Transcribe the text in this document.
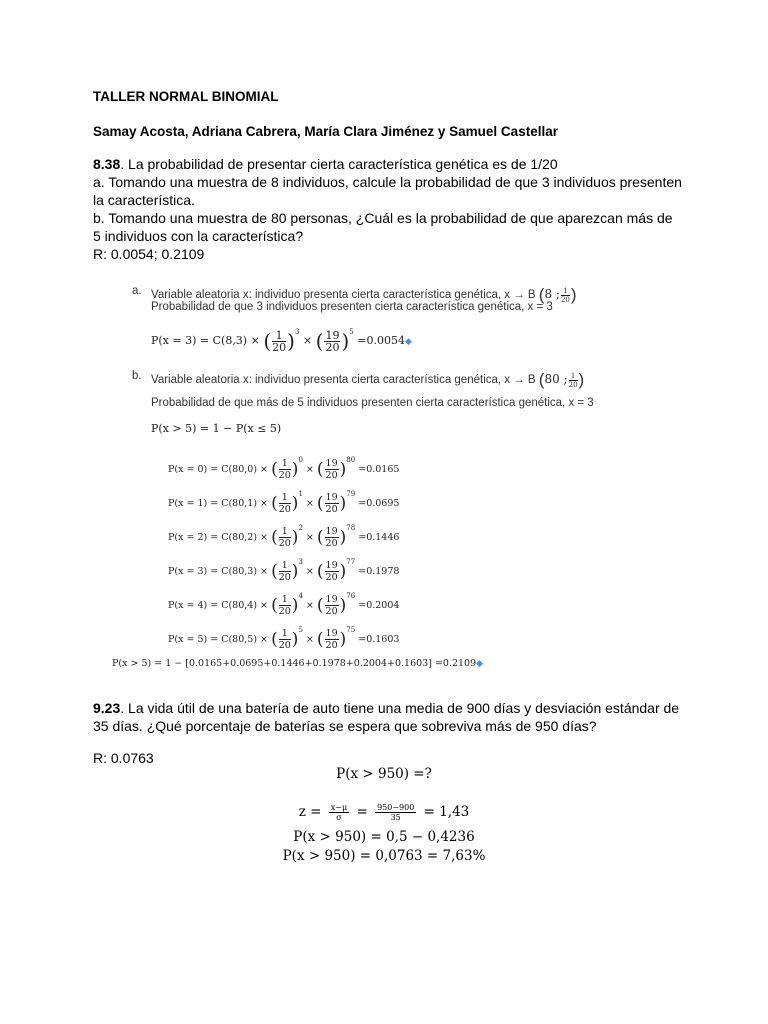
TALLER NORMAL BINOMIAL
Samay Acosta, Adriana Cabrera, María Clara Jiménez y Samuel Castellar
8.38. La probabilidad de presentar cierta característica genética es de 1/20
a. Tomando una muestra de 8 individuos, calcule la probabilidad de que 3 individuos presenten la característica.
b. Tomando una muestra de 80 personas, ¿Cuál es la probabilidad de que aparezcan más de 5 individuos con la característica?
R: 0.0054; 0.2109
a. Variable aleatoria x: individuo presenta cierta característica genética, x → B (8 ; $\frac{1}{20}$ )
Probabilidad de que 3 individuos presenten cierta característica genética, x = 3
P(x = 3) = C(8,3) × ( $\frac{1}{20} )^3$ × ( $\frac{19}{20} )^5$ =0.0054◆
b. Variable aleatoria x: individuo presenta cierta característica genética, x → B (80 ; $\frac{1}{20}$ )
Probabilidad de que más de 5 individuos presenten cierta característica genética, x = 3
P(x > 5) = 1 − P(x ≤ 5)
P(x = 0) = C(80,0) × ( $\frac{1}{20} )^0$ × ( $\frac{19}{20} )^{80} =0.0165$
P(x = 1) = C(80,1) × ( $\frac{1}{20} )^1$ × ( $\frac{19}{20} )^{79} =0.0695$
P(x = 2) = C(80,2) × ( $\frac{1}{20} )^2$ × ( $\frac{19}{20} )^{78} =0.1446$
P(x = 3) = C(80,3) × ( $\frac{1}{20} )^3$ × ( $\frac{19}{20} )^{77} =0.1978$
P(x = 4) = C(80,4) × ( $\frac{1}{20} )^4$ × ( $\frac{19}{20} )^{76} =0.2004$
P(x = 5) = C(80,5) × ( $\frac{1}{20} )^5$ × ( $\frac{19}{20} )^{75} =0.1603$
P(x > 5) = 1 − [0.0165+0.0695+0.1446+0.1978+0.2004+0.1603] =0.2109◆
9.23. La vida útil de una batería de auto tiene una media de 900 días y desviación estándar de 35 días. ¿Qué porcentaje de baterías se espera que sobreviva más de 950 días?
R: 0.0763
P(x > 950) =?
$z = \frac{x-\mu}{\sigma} = \frac{950-900}{35} = 1,43$
P(x > 950) = 0,5 − 0,4236
P(x > 950) = 0,0763 = 7,63%
